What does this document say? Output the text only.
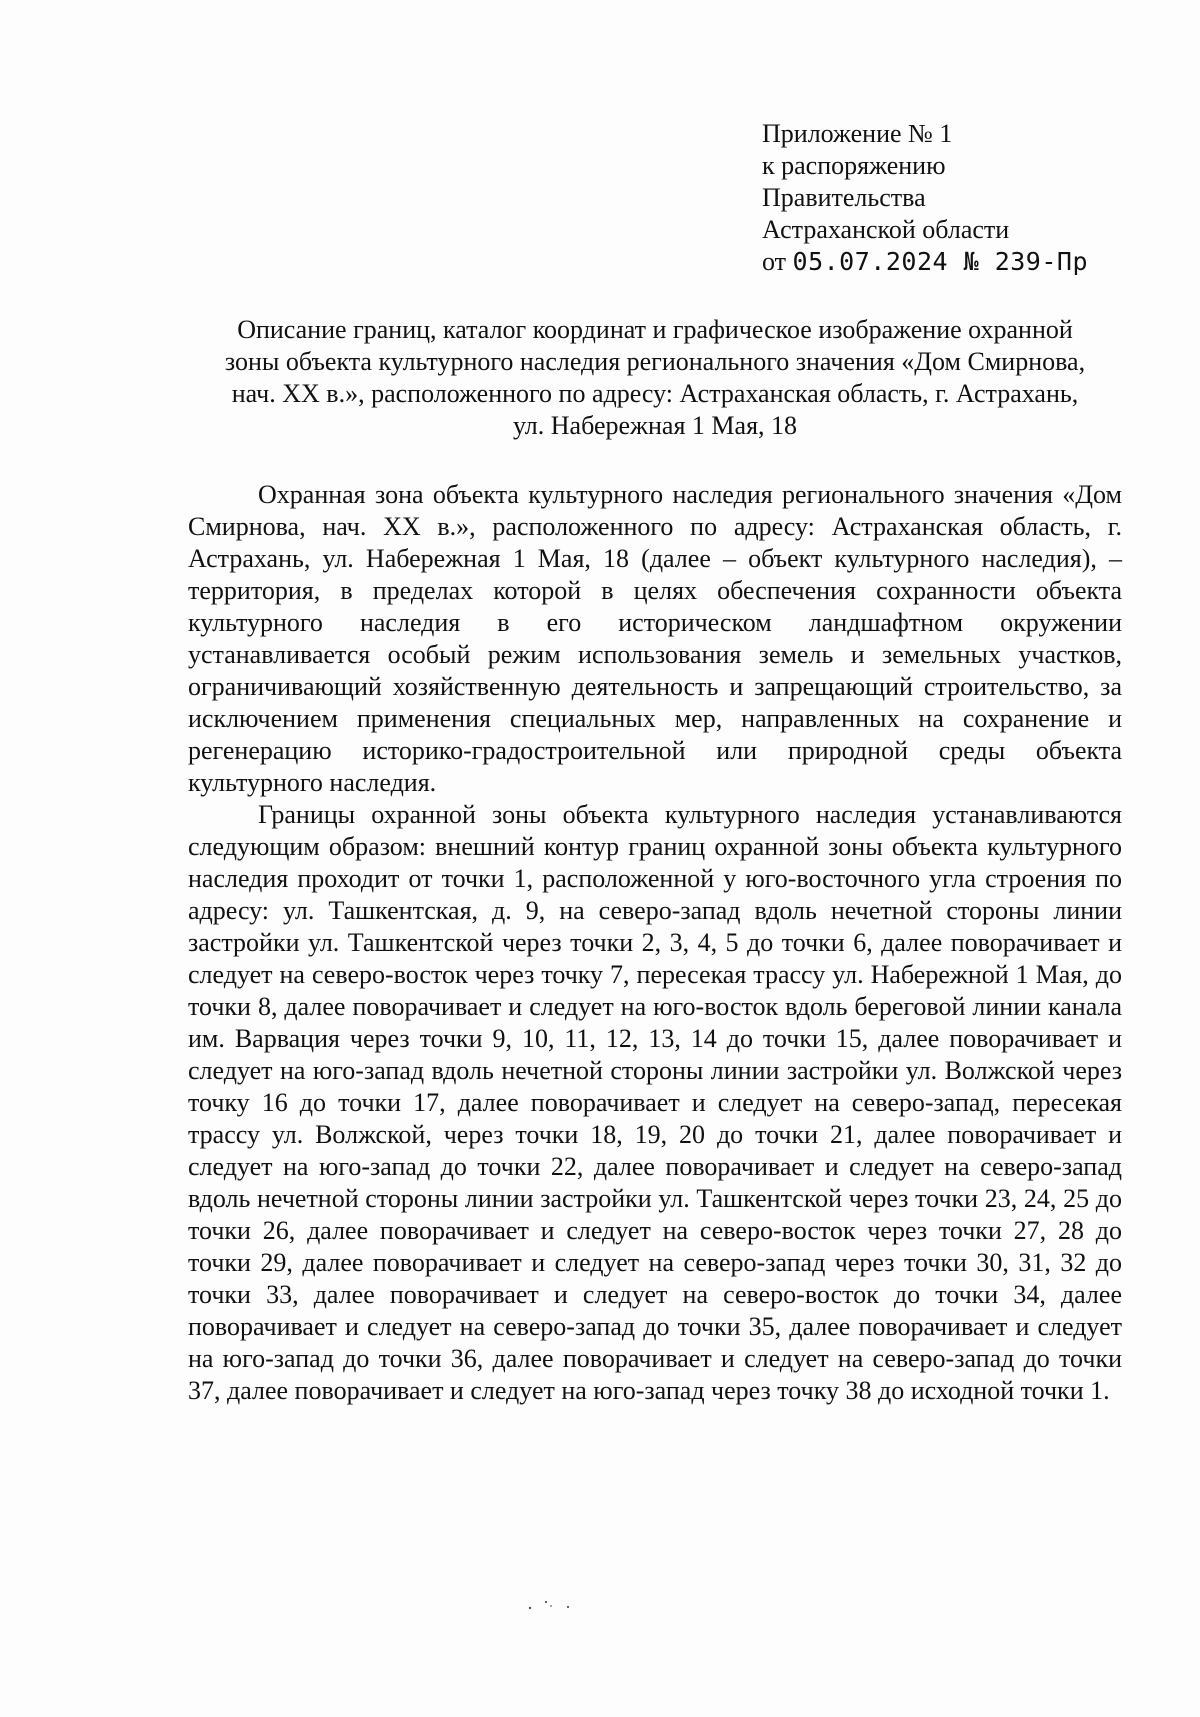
Приложение № 1
к распоряжению
Правительства
Астраханской области
от 05.07.2024 № 239-Пр
Описание границ, каталог координат и графическое изображение охранной
зоны объекта культурного наследия регионального значения «Дом Смирнова,
нач. XX в.», расположенного по адресу: Астраханская область, г. Астрахань,
ул. Набережная 1 Мая, 18

Охранная зона объекта культурного наследия регионального значения «Дом Смирнова, нач. XX в.», расположенного по адресу: Астраханская область, г. Астрахань, ул. Набережная 1 Мая, 18 (далее – объект культурного наследия), – территория, в пределах которой в целях обеспечения сохранности объекта культурного наследия в его историческом ландшафтном окружении устанавливается особый режим использования земель и земельных участков, ограничивающий хозяйственную деятельность и запрещающий строительство, за исключением применения специальных мер, направленных на сохранение и регенерацию историко-градостроительной или природной среды объекта культурного наследия.

Границы охранной зоны объекта культурного наследия устанавливаются следующим образом: внешний контур границ охранной зоны объекта культурного наследия проходит от точки 1, расположенной у юго-восточного угла строения по адресу: ул. Ташкентская, д. 9, на северо-запад вдоль нечетной стороны линии застройки ул. Ташкентской через точки 2, 3, 4, 5 до точки 6, далее поворачивает и следует на северо-восток через точку 7, пересекая трассу ул. Набережной 1 Мая, до точки 8, далее поворачивает и следует на юго-восток вдоль береговой линии канала им. Варвация через точки 9, 10, 11, 12, 13, 14 до точки 15, далее поворачивает и следует на юго-запад вдоль нечетной стороны линии застройки ул. Волжской через точку 16 до точки 17, далее поворачивает и следует на северо-запад, пересекая трассу ул. Волжской, через точки 18, 19, 20 до точки 21, далее поворачивает и следует на юго-запад до точки 22, далее поворачивает и следует на северо-запад вдоль нечетной стороны линии застройки ул. Ташкентской через точки 23, 24, 25 до точки 26, далее поворачивает и следует на северо-восток через точки 27, 28 до точки 29, далее поворачивает и следует на северо-запад через точки 30, 31, 32 до точки 33, далее поворачивает и следует на северо-восток до точки 34, далее поворачивает и следует на северо-запад до точки 35, далее поворачивает и следует на юго-запад до точки 36, далее поворачивает и следует на северо-запад до точки 37, далее поворачивает и следует на юго-запад через точку 38 до исходной точки 1.
